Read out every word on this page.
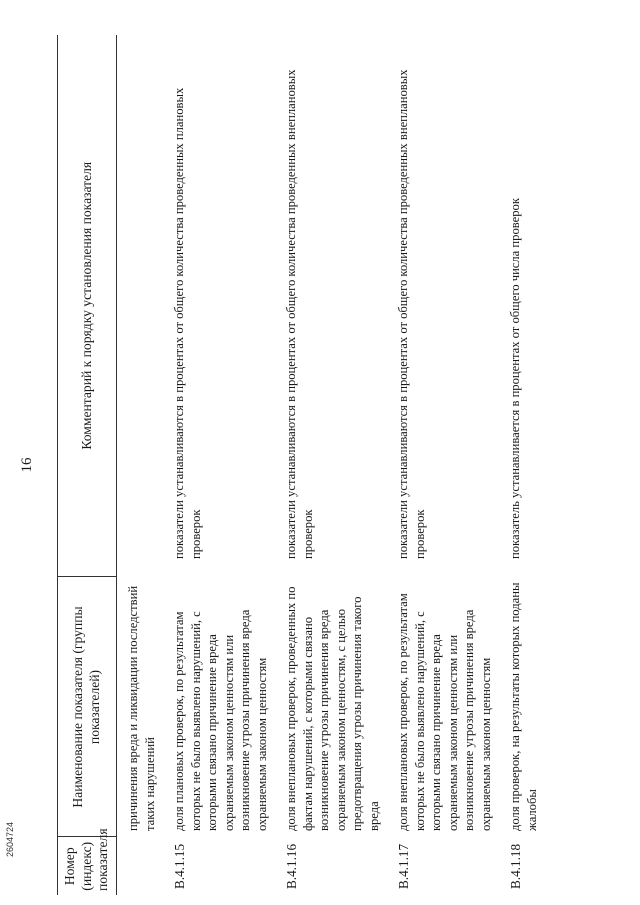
16
Номер (индекс) показателя	Наименование показателя (группы показателей)	Комментарий к порядку установления показателя
	причинения вреда и ликвидации последствий таких нарушений	
В.4.1.15	доля плановых проверок, по результатам которых не было выявлено нарушений, с которыми связано причинение вреда охраняемым законом ценностям или возникновение угрозы причинения вреда охраняемым законом ценностям	показатели устанавливаются в процентах от общего количества проведенных плановых проверок
В.4.1.16	доля внеплановых проверок, проведенных по фактам нарушений, с которыми связано возникновение угрозы причинения вреда охраняемым законом ценностям, с целью предотвращения угрозы причинения такого вреда	показатели устанавливаются в процентах от общего количества проведенных внеплановых проверок
В.4.1.17	доля внеплановых проверок, по результатам которых не было выявлено нарушений, с которыми связано причинение вреда охраняемым законом ценностям или возникновение угрозы причинения вреда охраняемым законом ценностям	показатели устанавливаются в процентах от общего количества проведенных внеплановых проверок
В.4.1.18	доля проверок, на результаты которых поданы жалобы	показатель устанавливается в процентах от общего числа проверок
2604724
